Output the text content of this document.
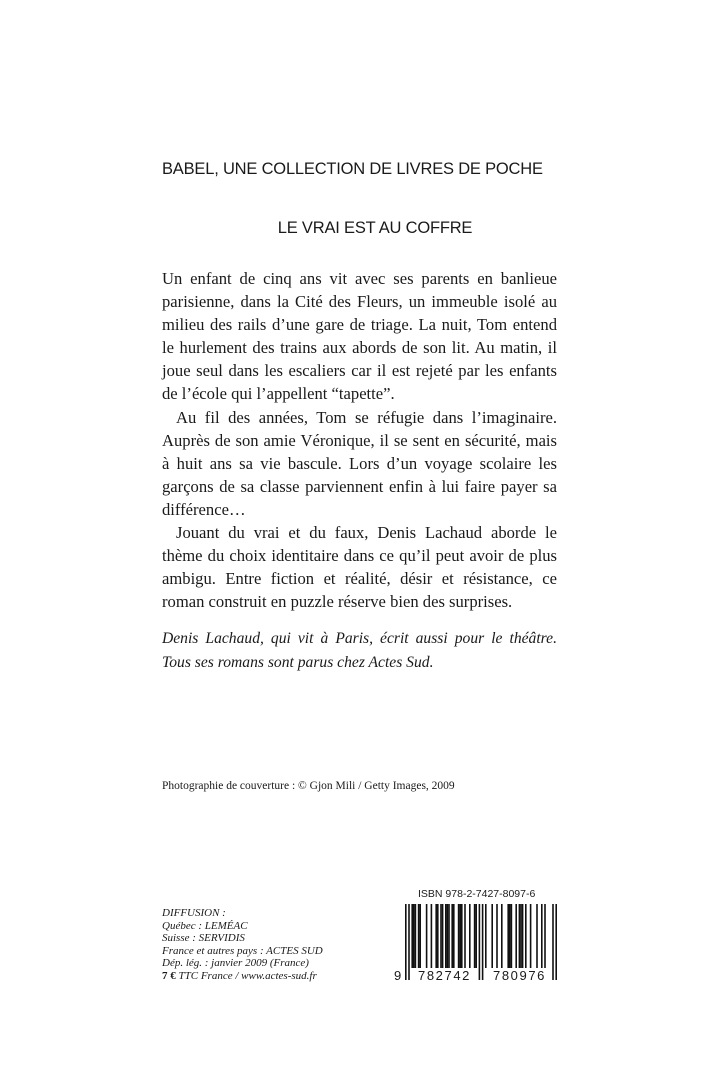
BABEL, UNE COLLECTION DE LIVRES DE POCHE
LE VRAI EST AU COFFRE

Un enfant de cinq ans vit avec ses parents en banlieue parisienne, dans la Cité des Fleurs, un immeuble isolé au milieu des rails d’une gare de triage. La nuit, Tom entend le hurlement des trains aux abords de son lit. Au matin, il joue seul dans les escaliers car il est rejeté par les enfants de l’école qui l’appellent “tapette”.

Au fil des années, Tom se réfugie dans l’imaginaire. Auprès de son amie Véronique, il se sent en sécurité, mais à huit ans sa vie bascule. Lors d’un voyage scolaire les garçons de sa classe parviennent enfin à lui faire payer sa différence…

Jouant du vrai et du faux, Denis Lachaud aborde le thème du choix identitaire dans ce qu’il peut avoir de plus ambigu. Entre fiction et réalité, désir et résistance, ce roman construit en puzzle réserve bien des surprises.

Denis Lachaud, qui vit à Paris, écrit aussi pour le théâtre. Tous ses romans sont parus chez Actes Sud.

Photographie de couverture : © Gjon Mili / Getty Images, 2009
DIFFUSION :
Québec : LEMÉAC
Suisse : SERVIDIS
France et autres pays : ACTES SUD
Dép. lég. : janvier 2009 (France)
7 € TTC France / www.actes-sud.fr
ISBN 978-2-7427-8097-6
9 782742 780976
